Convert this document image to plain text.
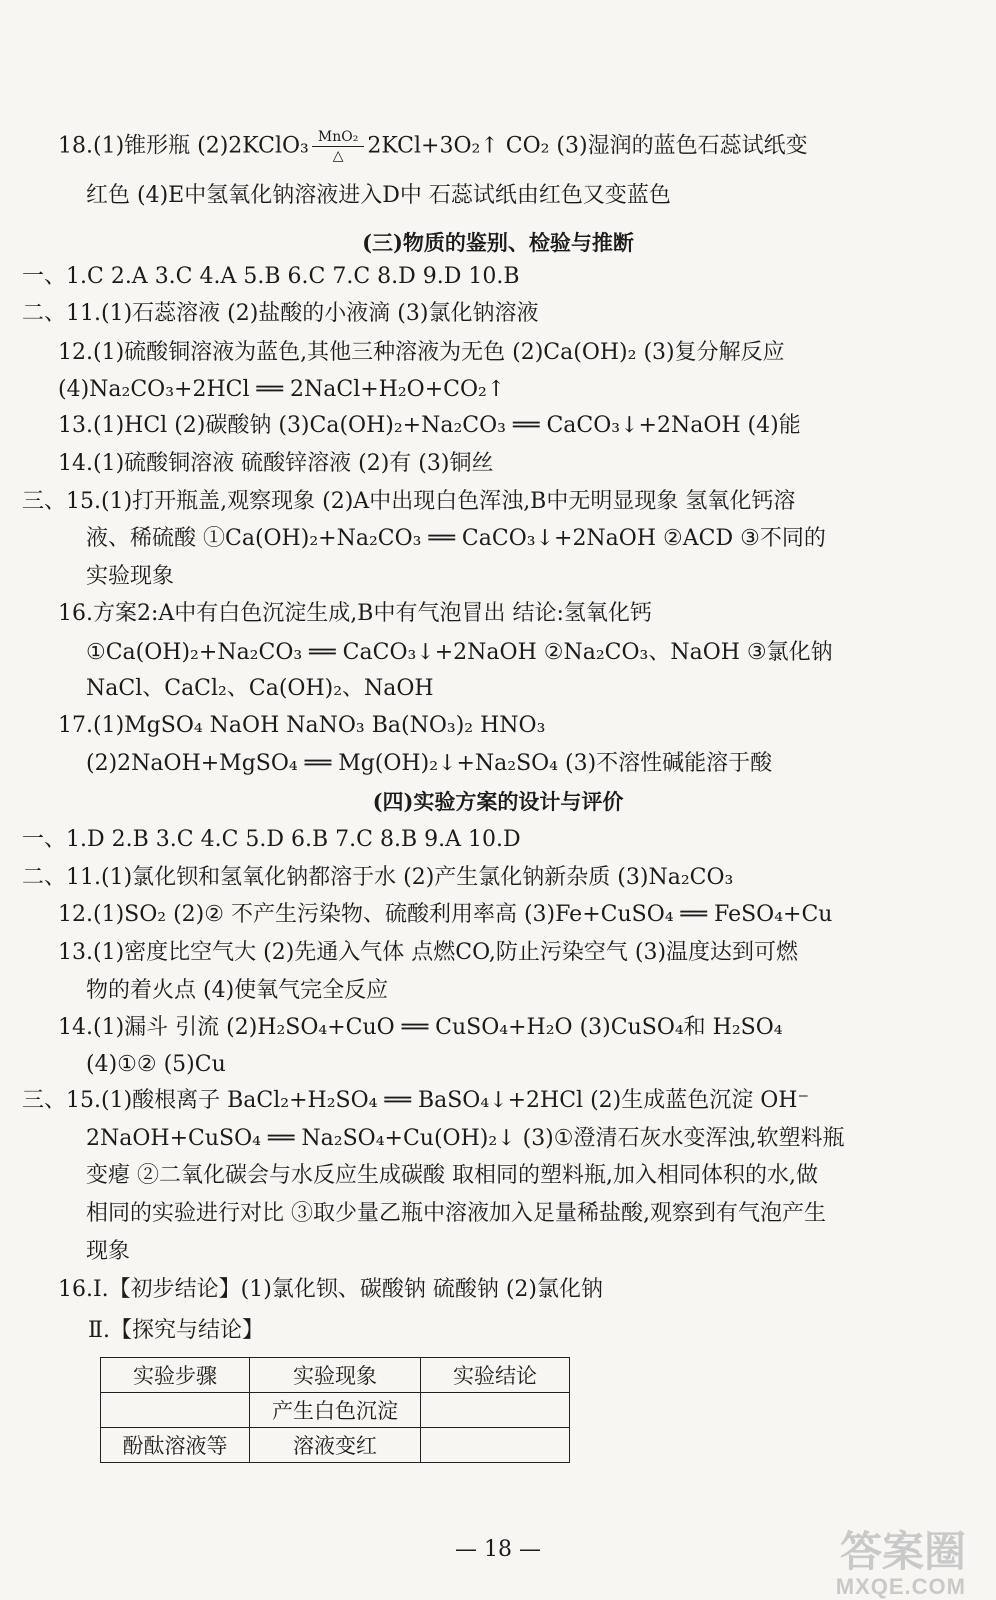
18.(1)锥形瓶 (2)2KClO₃ $\frac{\text{MnO₂}}{\triangle}$ 2KCl+3O₂↑ CO₂ (3)湿润的蓝色石蕊试纸变
红色 (4)E中氢氧化钠溶液进入D中 石蕊试纸由红色又变蓝色
(三)物质的鉴别、检验与推断
一、1.C 2.A 3.C 4.A 5.B 6.C 7.C 8.D 9.D 10.B
二、11.(1)石蕊溶液 (2)盐酸的小液滴 (3)氯化钠溶液
12.(1)硫酸铜溶液为蓝色,其他三种溶液为无色 (2)Ca(OH)₂ (3)复分解反应
(4)Na₂CO₃+2HCl ══ 2NaCl+H₂O+CO₂↑
13.(1)HCl (2)碳酸钠 (3)Ca(OH)₂+Na₂CO₃ ══ CaCO₃↓+2NaOH (4)能
14.(1)硫酸铜溶液 硫酸锌溶液 (2)有 (3)铜丝
三、15.(1)打开瓶盖,观察现象 (2)A中出现白色浑浊,B中无明显现象 氢氧化钙溶
液、稀硫酸 ①Ca(OH)₂+Na₂CO₃ ══ CaCO₃↓+2NaOH ②ACD ③不同的
实验现象
16.方案2:A中有白色沉淀生成,B中有气泡冒出 结论:氢氧化钙
①Ca(OH)₂+Na₂CO₃ ══ CaCO₃↓+2NaOH ②Na₂CO₃、NaOH ③氯化钠
NaCl、CaCl₂、Ca(OH)₂、NaOH
17.(1)MgSO₄ NaOH NaNO₃ Ba(NO₃)₂ HNO₃
(2)2NaOH+MgSO₄ ══ Mg(OH)₂↓+Na₂SO₄ (3)不溶性碱能溶于酸
(四)实验方案的设计与评价
一、1.D 2.B 3.C 4.C 5.D 6.B 7.C 8.B 9.A 10.D
二、11.(1)氯化钡和氢氧化钠都溶于水 (2)产生氯化钠新杂质 (3)Na₂CO₃
12.(1)SO₂ (2)② 不产生污染物、硫酸利用率高 (3)Fe+CuSO₄ ══ FeSO₄+Cu
13.(1)密度比空气大 (2)先通入气体 点燃CO,防止污染空气 (3)温度达到可燃
物的着火点 (4)使氧气完全反应
14.(1)漏斗 引流 (2)H₂SO₄+CuO ══ CuSO₄+H₂O (3)CuSO₄和 H₂SO₄
(4)①② (5)Cu
三、15.(1)酸根离子 BaCl₂+H₂SO₄ ══ BaSO₄↓+2HCl (2)生成蓝色沉淀 OH⁻
2NaOH+CuSO₄ ══ Na₂SO₄+Cu(OH)₂↓ (3)①澄清石灰水变浑浊,软塑料瓶
变瘪 ②二氧化碳会与水反应生成碳酸 取相同的塑料瓶,加入相同体积的水,做
相同的实验进行对比 ③取少量乙瓶中溶液加入足量稀盐酸,观察到有气泡产生
现象
16.Ⅰ.【初步结论】(1)氯化钡、碳酸钠 硫酸钠 (2)氯化钠
Ⅱ.【探究与结论】
实验步骤	实验现象	实验结论
	产生白色沉淀	
酚酞溶液等	溶液变红	
— 18 —	答案圈
MXQE.COM
